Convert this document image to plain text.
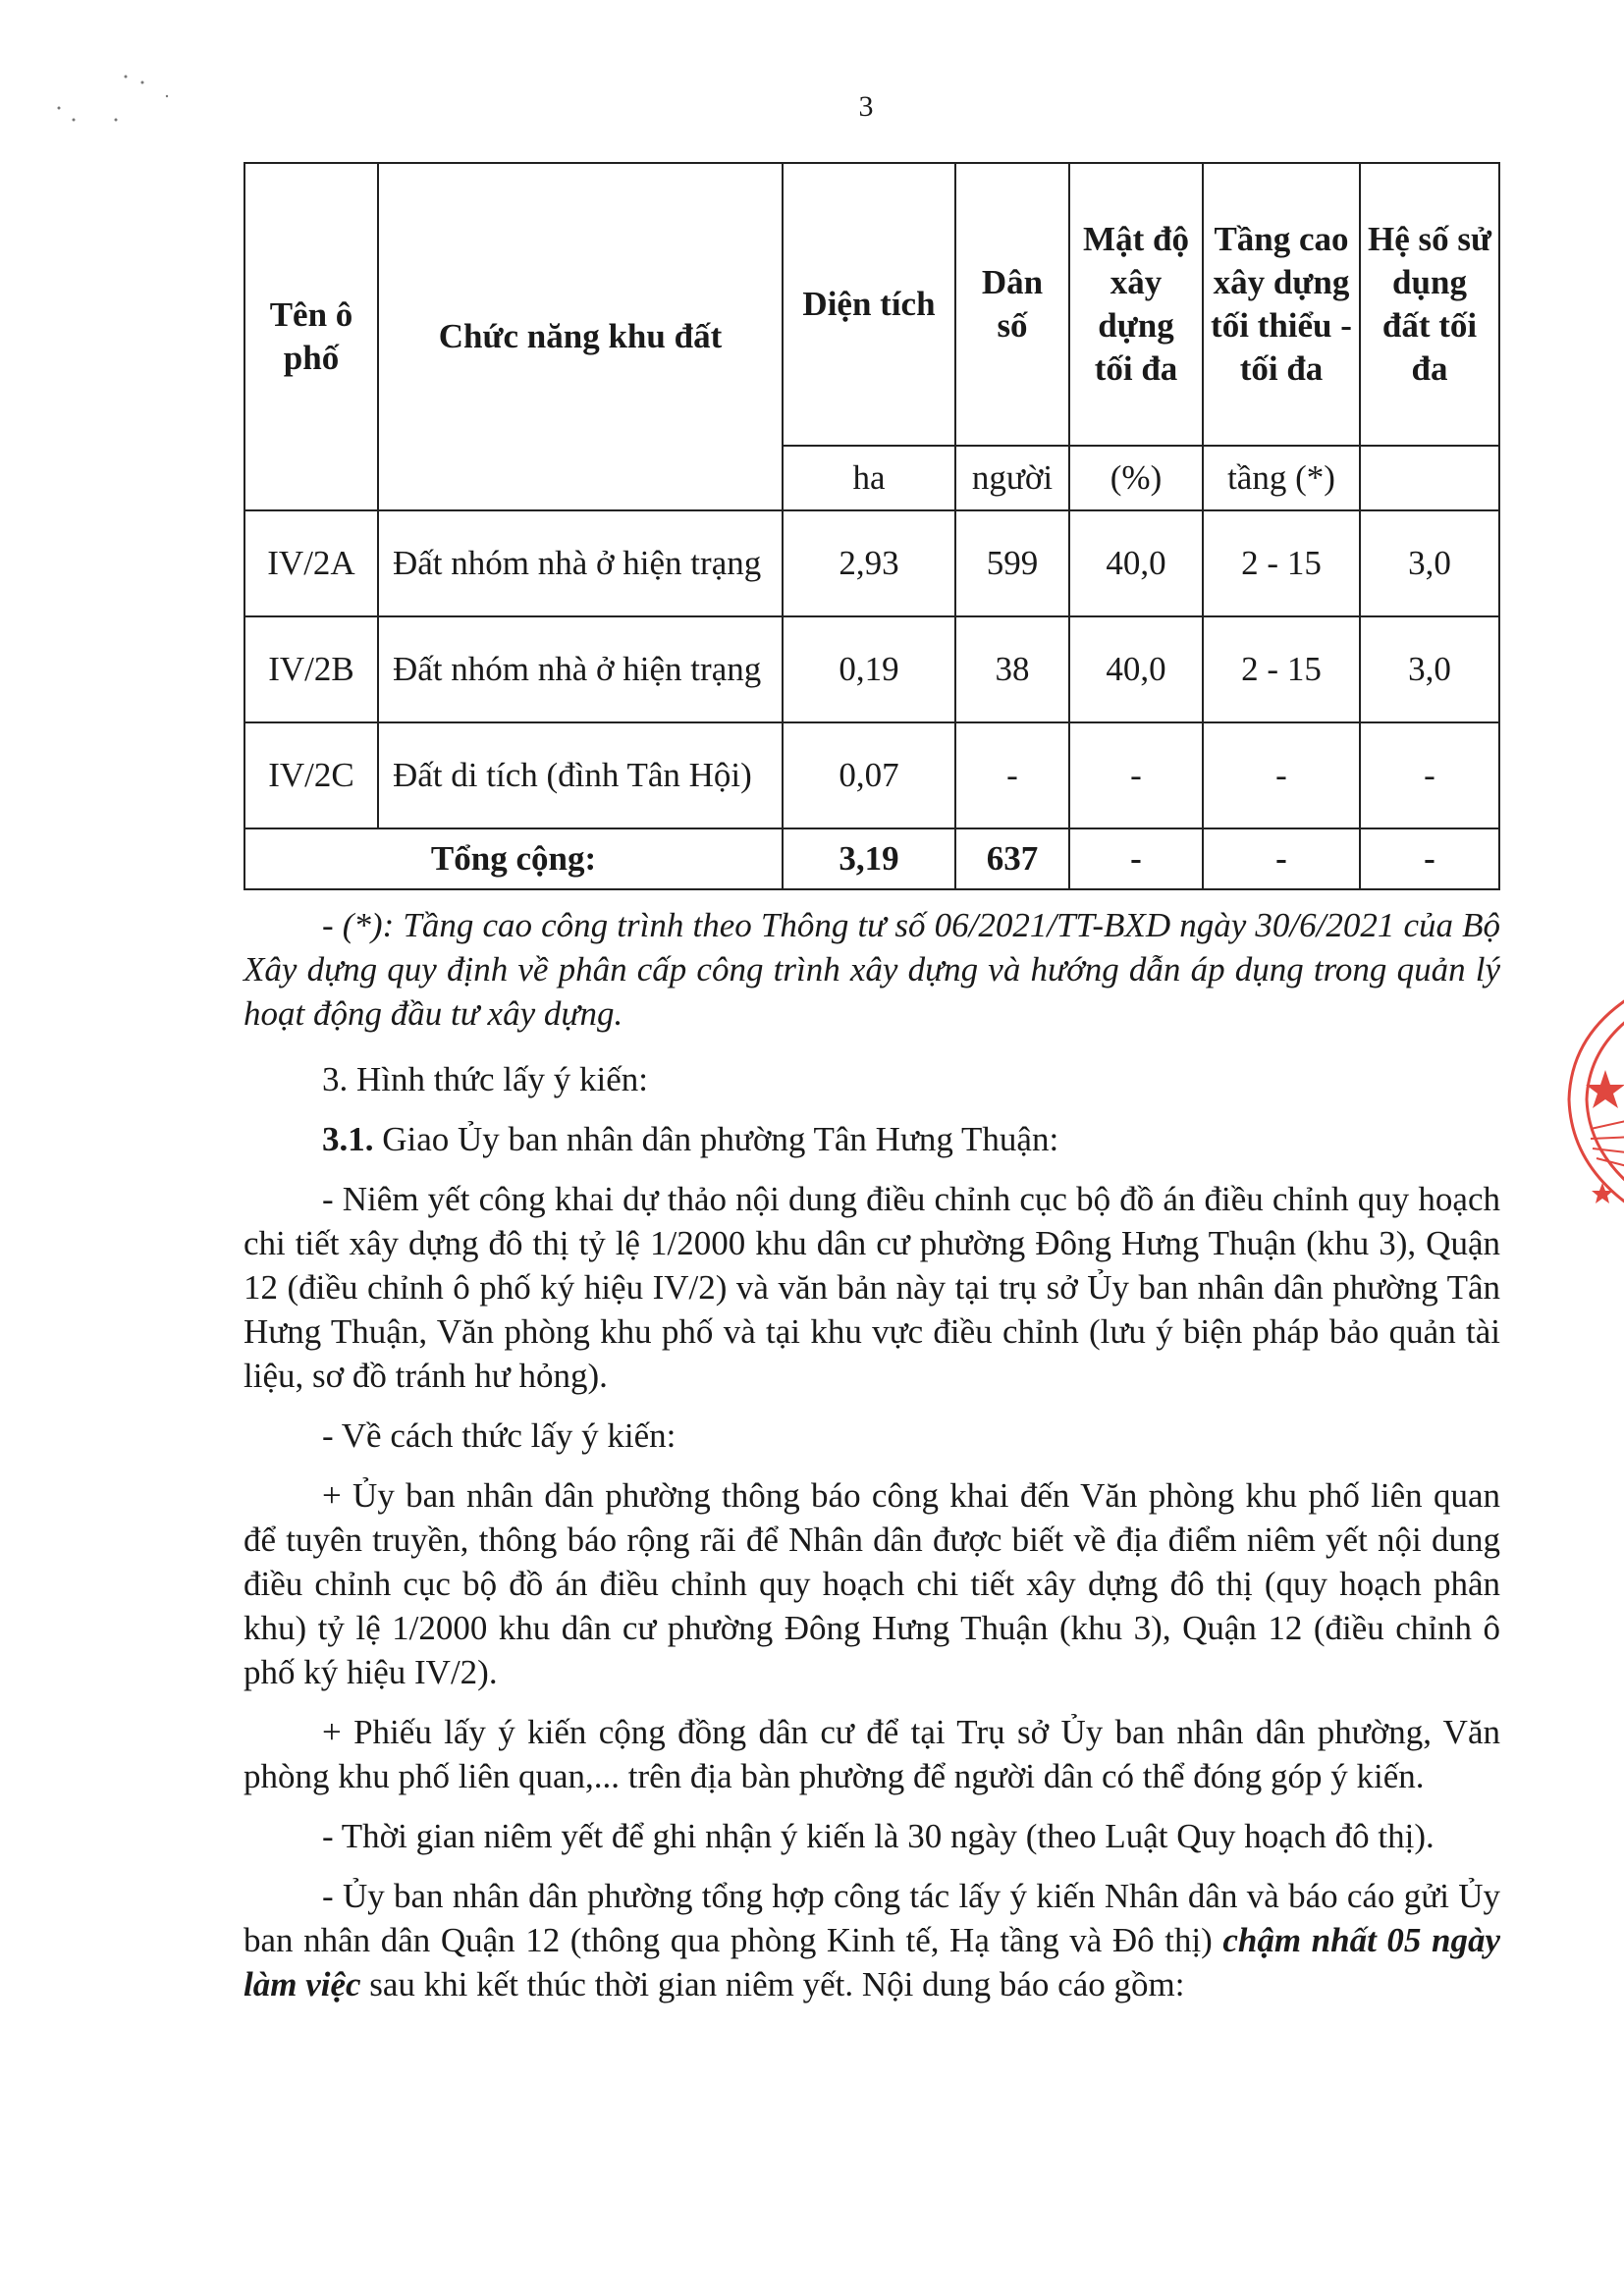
3
Tên ô phố	Chức năng khu đất	Diện tích	Dân số	Mật độ xây dựng tối đa	Tầng cao xây dựng tối thiểu - tối đa	Hệ số sử dụng đất tối đa
		ha	người	(%)	tầng (*)	
IV/2A	Đất nhóm nhà ở hiện trạng	2,93	599	40,0	2 - 15	3,0
IV/2B	Đất nhóm nhà ở hiện trạng	0,19	38	40,0	2 - 15	3,0
IV/2C	Đất di tích (đình Tân Hội)	0,07	-	-	-	-
Tổng cộng:		3,19	637	-	-	-

- (*): Tầng cao công trình theo Thông tư số 06/2021/TT-BXD ngày 30/6/2021 của Bộ Xây dựng quy định về phân cấp công trình xây dựng và hướng dẫn áp dụng trong quản lý hoạt động đầu tư xây dựng.

3. Hình thức lấy ý kiến:

3.1. Giao Ủy ban nhân dân phường Tân Hưng Thuận:

- Niêm yết công khai dự thảo nội dung điều chỉnh cục bộ đồ án điều chỉnh quy hoạch chi tiết xây dựng đô thị tỷ lệ 1/2000 khu dân cư phường Đông Hưng Thuận (khu 3), Quận 12 (điều chỉnh ô phố ký hiệu IV/2) và văn bản này tại trụ sở Ủy ban nhân dân phường Tân Hưng Thuận, Văn phòng khu phố và tại khu vực điều chỉnh (lưu ý biện pháp bảo quản tài liệu, sơ đồ tránh hư hỏng).

- Về cách thức lấy ý kiến:

+ Ủy ban nhân dân phường thông báo công khai đến Văn phòng khu phố liên quan để tuyên truyền, thông báo rộng rãi để Nhân dân được biết về địa điểm niêm yết nội dung điều chỉnh cục bộ đồ án điều chỉnh quy hoạch chi tiết xây dựng đô thị (quy hoạch phân khu) tỷ lệ 1/2000 khu dân cư phường Đông Hưng Thuận (khu 3), Quận 12 (điều chỉnh ô phố ký hiệu IV/2).

+ Phiếu lấy ý kiến cộng đồng dân cư để tại Trụ sở Ủy ban nhân dân phường, Văn phòng khu phố liên quan,... trên địa bàn phường để người dân có thể đóng góp ý kiến.

- Thời gian niêm yết để ghi nhận ý kiến là 30 ngày (theo Luật Quy hoạch đô thị).

- Ủy ban nhân dân phường tổng hợp công tác lấy ý kiến Nhân dân và báo cáo gửi Ủy ban nhân dân Quận 12 (thông qua phòng Kinh tế, Hạ tầng và Đô thị) chậm nhất 05 ngày làm việc sau khi kết thúc thời gian niêm yết. Nội dung báo cáo gồm:
